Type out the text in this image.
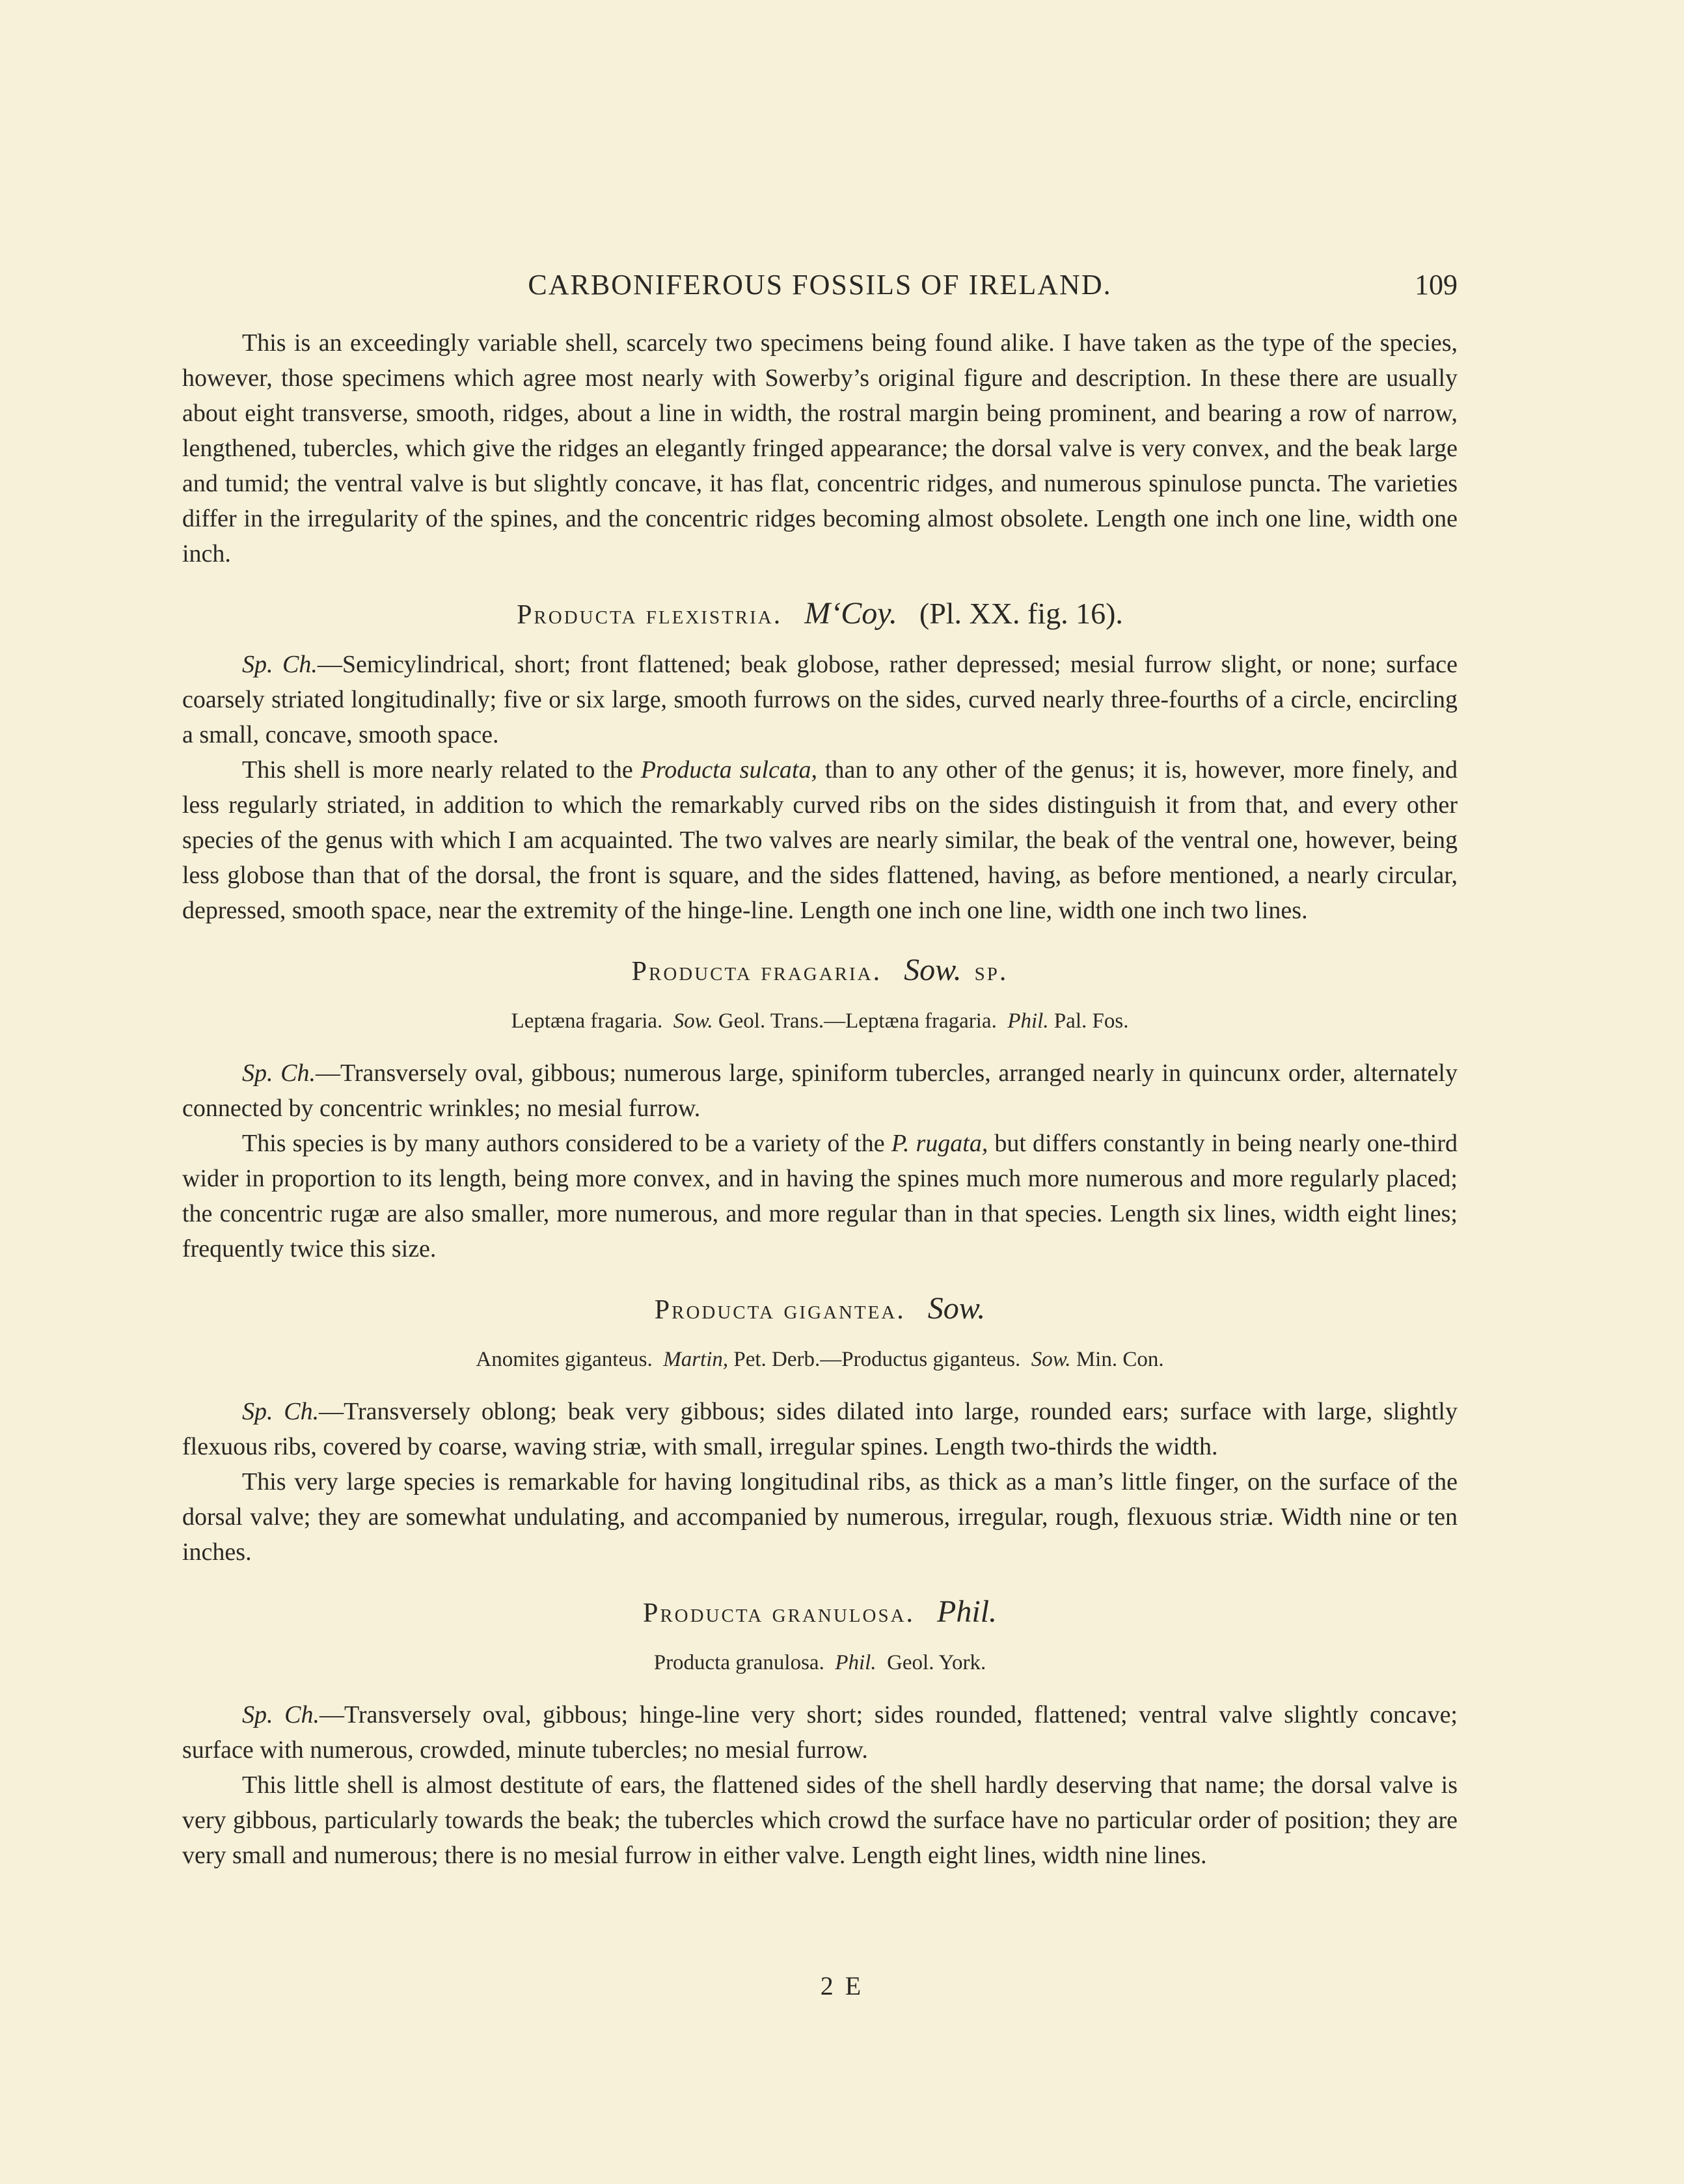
CARBONIFEROUS FOSSILS OF IRELAND.	109

This is an exceedingly variable shell, scarcely two specimens being found alike. I have taken as the type of the species, however, those specimens which agree most nearly with Sowerby’s original figure and description. In these there are usually about eight transverse, smooth, ridges, about a line in width, the rostral margin being prominent, and bearing a row of narrow, lengthened, tubercles, which give the ridges an elegantly fringed appearance; the dorsal valve is very convex, and the beak large and tumid; the ventral valve is but slightly concave, it has flat, concentric ridges, and numerous spinulose puncta. The varieties differ in the irregularity of the spines, and the concentric ridges becoming almost obsolete. Length one inch one line, width one inch.

Producta flexistria. M‘Coy. (Pl. XX. fig. 16).

Sp. Ch.—Semicylindrical, short; front flattened; beak globose, rather depressed; mesial furrow slight, or none; surface coarsely striated longitudinally; five or six large, smooth furrows on the sides, curved nearly three-fourths of a circle, encircling a small, concave, smooth space.

This shell is more nearly related to the Producta sulcata, than to any other of the genus; it is, however, more finely, and less regularly striated, in addition to which the remarkably curved ribs on the sides distinguish it from that, and every other species of the genus with which I am acquainted. The two valves are nearly similar, the beak of the ventral one, however, being less globose than that of the dorsal, the front is square, and the sides flattened, having, as before mentioned, a nearly circular, depressed, smooth space, near the extremity of the hinge-line. Length one inch one line, width one inch two lines.

Producta fragaria. Sow. sp.
Leptæna fragaria. Sow. Geol. Trans.—Leptæna fragaria. Phil. Pal. Fos.

Sp. Ch.—Transversely oval, gibbous; numerous large, spiniform tubercles, arranged nearly in quincunx order, alternately connected by concentric wrinkles; no mesial furrow.

This species is by many authors considered to be a variety of the P. rugata, but differs constantly in being nearly one-third wider in proportion to its length, being more convex, and in having the spines much more numerous and more regularly placed; the concentric rugæ are also smaller, more numerous, and more regular than in that species. Length six lines, width eight lines; frequently twice this size.

Producta gigantea. Sow.
Anomites giganteus. Martin, Pet. Derb.—Productus giganteus. Sow. Min. Con.

Sp. Ch.—Transversely oblong; beak very gibbous; sides dilated into large, rounded ears; surface with large, slightly flexuous ribs, covered by coarse, waving striæ, with small, irregular spines. Length two-thirds the width.

This very large species is remarkable for having longitudinal ribs, as thick as a man’s little finger, on the surface of the dorsal valve; they are somewhat undulating, and accompanied by numerous, irregular, rough, flexuous striæ. Width nine or ten inches.

Producta granulosa. Phil.
Producta granulosa. Phil. Geol. York.

Sp. Ch.—Transversely oval, gibbous; hinge-line very short; sides rounded, flattened; ventral valve slightly concave; surface with numerous, crowded, minute tubercles; no mesial furrow.

This little shell is almost destitute of ears, the flattened sides of the shell hardly deserving that name; the dorsal valve is very gibbous, particularly towards the beak; the tubercles which crowd the surface have no particular order of position; they are very small and numerous; there is no mesial furrow in either valve. Length eight lines, width nine lines.

2 E
